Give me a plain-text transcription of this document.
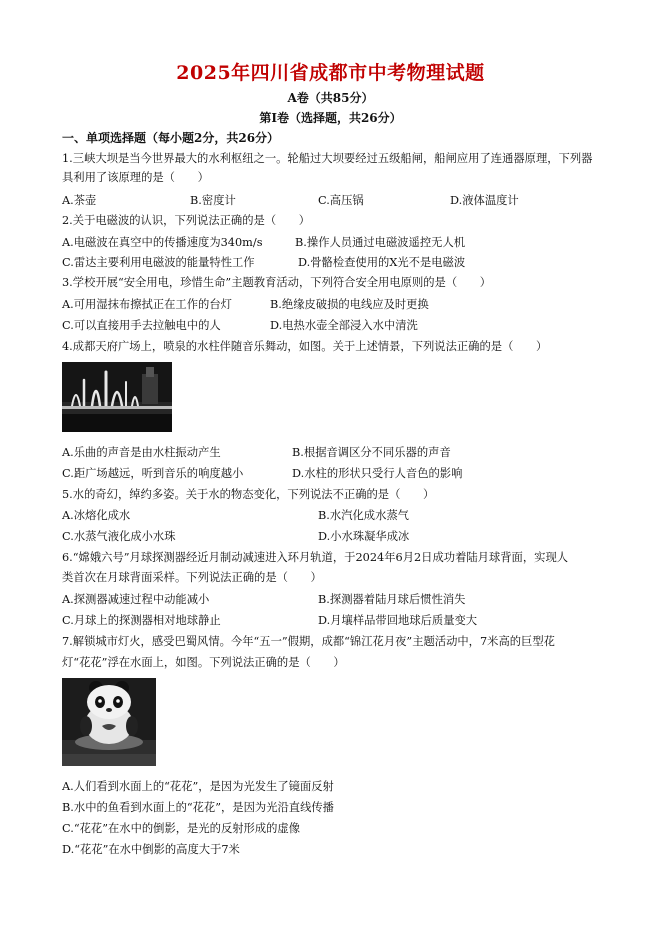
2025年四川省成都市中考物理试题
A卷（共85分）
第Ⅰ卷（选择题，共26分）
一、单项选择题（每小题2分，共26分）
1.三峡大坝是当今世界最大的水利枢纽之一。轮船过大坝要经过五级船闸，船闸应用了连通器原理，下列器
具利用了该原理的是（　　）
A.茶壶	B.密度计	C.高压锅	D.液体温度计
2.关于电磁波的认识，下列说法正确的是（　　）
A.电磁波在真空中的传播速度为340m/s	B.操作人员通过电磁波遥控无人机
C.雷达主要利用电磁波的能量特性工作	D.骨骼检查使用的X光不是电磁波
3.学校开展“安全用电，珍惜生命”主题教育活动，下列符合安全用电原则的是（　　）
A.可用湿抹布擦拭正在工作的台灯	B.绝缘皮破损的电线应及时更换
C.可以直接用手去拉触电中的人	D.电热水壶全部浸入水中清洗
4.成都天府广场上，喷泉的水柱伴随音乐舞动，如图。关于上述情景，下列说法正确的是（　　）
A.乐曲的声音是由水柱振动产生	B.根据音调区分不同乐器的声音
C.距广场越远，听到音乐的响度越小	D.水柱的形状只受行人音色的影响
5.水的奇幻，绰约多姿。关于水的物态变化，下列说法不正确的是（　　）
A.冰熔化成水	B.水汽化成水蒸气
C.水蒸气液化成小水珠	D.小水珠凝华成冰
6.“嫦娥六号”月球探测器经近月制动减速进入环月轨道，于2024年6月2日成功着陆月球背面，实现人
类首次在月球背面采样。下列说法正确的是（　　）
A.探测器减速过程中动能减小	B.探测器着陆月球后惯性消失
C.月球上的探测器相对地球静止	D.月壤样品带回地球后质量变大
7.解锁城市灯火，感受巴蜀风情。今年“五一”假期，成都“锦江花月夜”主题活动中，7米高的巨型花
灯“花花”浮在水面上，如图。下列说法正确的是（　　）
A.人们看到水面上的“花花”，是因为光发生了镜面反射
B.水中的鱼看到水面上的“花花”，是因为光沿直线传播
C.“花花”在水中的倒影，是光的反射形成的虚像
D.“花花”在水中倒影的高度大于7米
